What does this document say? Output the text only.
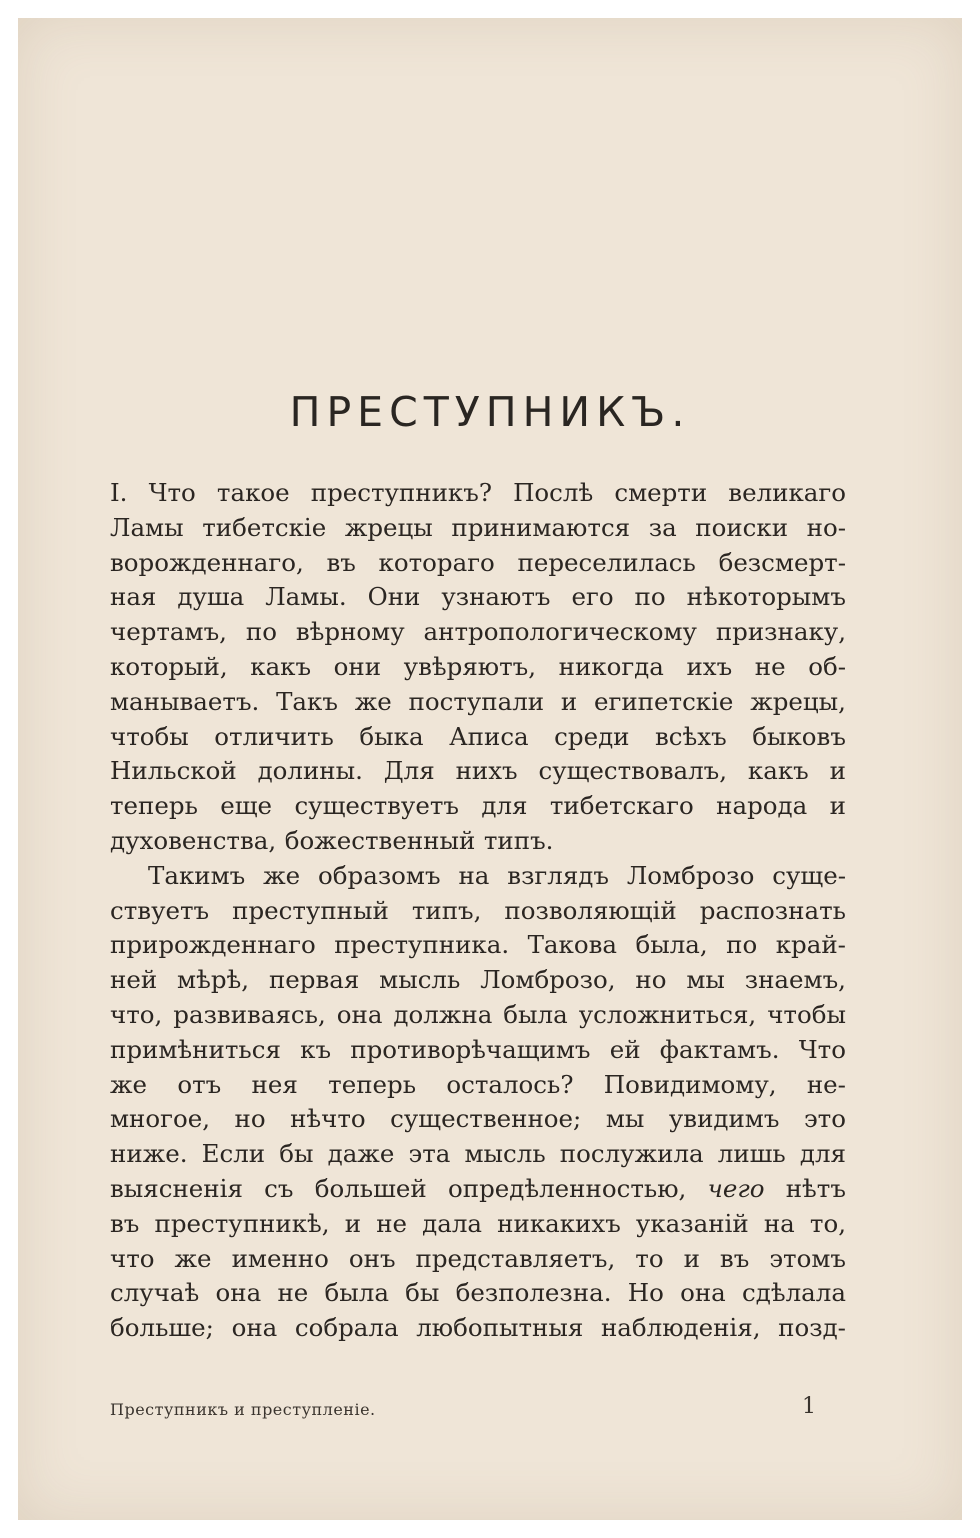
ПРЕСТУПНИКЪ.
I. Что такое преступникъ? Послѣ смерти великаго
Ламы тибетскіе жрецы принимаются за поиски но-
ворожденнаго, въ котораго переселилась безсмерт-
ная душа Ламы. Они узнаютъ его по нѣкоторымъ
чертамъ, по вѣрному антропологическому признаку,
который, какъ они увѣряютъ, никогда ихъ не об-
манываетъ. Такъ же поступали и египетскіе жрецы,
чтобы отличить быка Аписа среди всѣхъ быковъ
Нильской долины. Для нихъ существовалъ, какъ и
теперь еще существуетъ для тибетскаго народа и
духовенства, божественный типъ.
Такимъ же образомъ на взглядъ Ломброзо суще-
ствуетъ преступный типъ, позволяющій распознать
прирожденнаго преступника. Такова была, по край-
ней мѣрѣ, первая мысль Ломброзо, но мы знаемъ,
что, развиваясь, она должна была усложниться, чтобы
примѣниться къ противорѣчащимъ ей фактамъ. Что
же отъ нея теперь осталось? Повидимому, не-
многое, но нѣчто существенное; мы увидимъ это
ниже. Если бы даже эта мысль послужила лишь для
выясненія съ большей опредѣленностью, чего нѣтъ
въ преступникѣ, и не дала никакихъ указаній на то,
что же именно онъ представляетъ, то и въ этомъ
случаѣ она не была бы безполезна. Но она сдѣлала
больше; она собрала любопытныя наблюденія, позд-
Преступникъ и преступленіе.	1
